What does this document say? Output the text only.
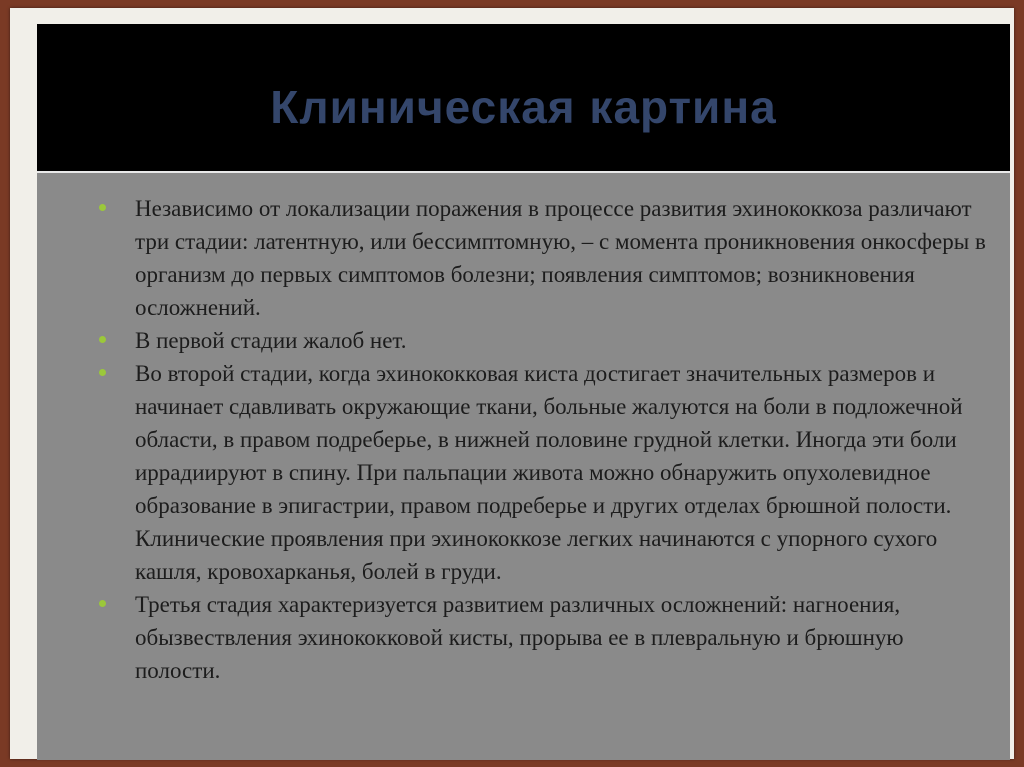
Клиническая картина
Независимо от локализации поражения в процессе развития эхинококкоза различают три стадии: латентную, или бессимптомную, – с момента проникновения онкосферы в организм до первых симптомов болезни; появления симптомов; возникновения осложнений.
В первой стадии жалоб нет.
Во второй стадии, когда эхинококковая киста достигает значительных размеров и начинает сдавливать окружающие ткани, больные жалуются на боли в подложечной области, в правом подреберье, в нижней половине грудной клетки. Иногда эти боли иррадиируют в спину. При пальпации живота можно обнаружить опухолевидное образование в эпигастрии, правом подреберье и других отделах брюшной полости. Клинические проявления при эхинококкозе легких начинаются с упорного сухого кашля, кровохарканья, болей в груди.
Третья стадия характеризуется развитием различных осложнений: нагноения, обызвествления эхинококковой кисты, прорыва ее в плевральную и брюшную полости.
